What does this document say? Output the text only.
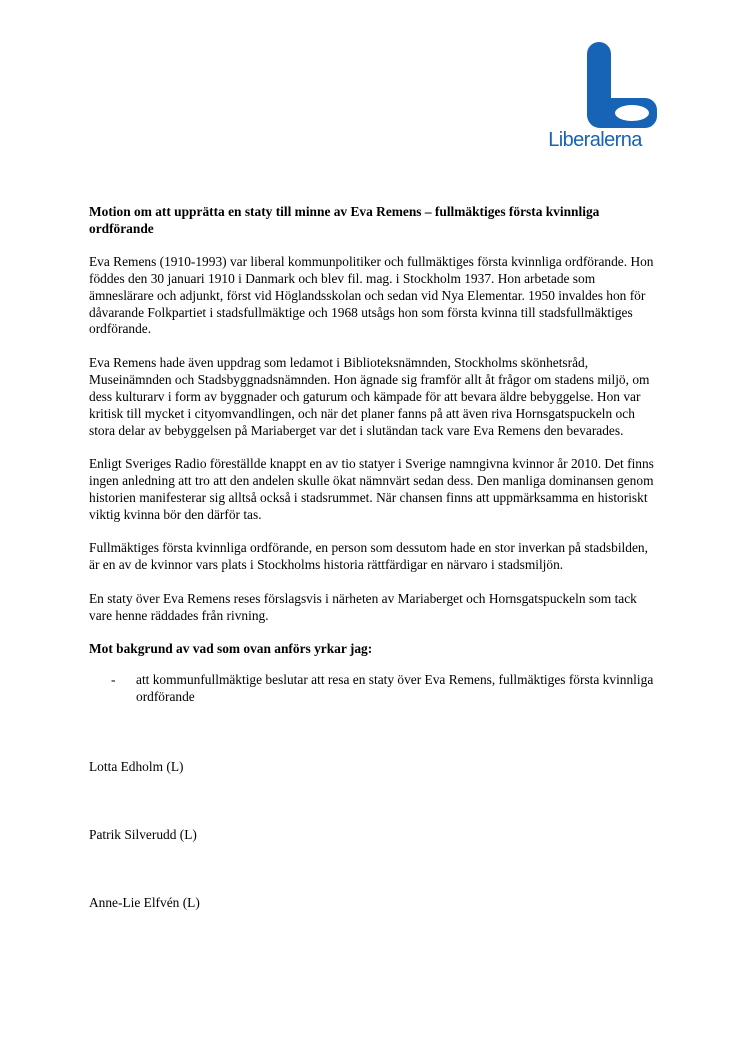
Liberalerna

Motion om att upprätta en staty till minne av Eva Remens – fullmäktiges första kvinnliga ordförande

Eva Remens (1910-1993) var liberal kommunpolitiker och fullmäktiges första kvinnliga ordförande. Hon föddes den 30 januari 1910 i Danmark och blev fil. mag. i Stockholm 1937. Hon arbetade som ämneslärare och adjunkt, först vid Höglandsskolan och sedan vid Nya Elementar. 1950 invaldes hon för dåvarande Folkpartiet i stadsfullmäktige och 1968 utsågs hon som första kvinna till stadsfullmäktiges ordförande.

Eva Remens hade även uppdrag som ledamot i Biblioteksnämnden, Stockholms skönhetsråd, Museinämnden och Stadsbyggnadsnämnden. Hon ägnade sig framför allt åt frågor om stadens miljö, om dess kulturarv i form av byggnader och gaturum och kämpade för att bevara äldre bebyggelse. Hon var kritisk till mycket i cityomvandlingen, och när det planer fanns på att även riva Hornsgatspuckeln och stora delar av bebyggelsen på Mariaberget var det i slutändan tack vare Eva Remens den bevarades.

Enligt Sveriges Radio föreställde knappt en av tio statyer i Sverige namngivna kvinnor år 2010. Det finns ingen anledning att tro att den andelen skulle ökat nämnvärt sedan dess. Den manliga dominansen genom historien manifesterar sig alltså också i stadsrummet. När chansen finns att uppmärksamma en historiskt viktig kvinna bör den därför tas.

Fullmäktiges första kvinnliga ordförande, en person som dessutom hade en stor inverkan på stadsbilden, är en av de kvinnor vars plats i Stockholms historia rättfärdigar en närvaro i stadsmiljön.

En staty över Eva Remens reses förslagsvis i närheten av Mariaberget och Hornsgatspuckeln som tack vare henne räddades från rivning.

Mot bakgrund av vad som ovan anförs yrkar jag:

- att kommunfullmäktige beslutar att resa en staty över Eva Remens, fullmäktiges första kvinnliga ordförande

Lotta Edholm (L)

Patrik Silverudd (L)

Anne-Lie Elfvén (L)
